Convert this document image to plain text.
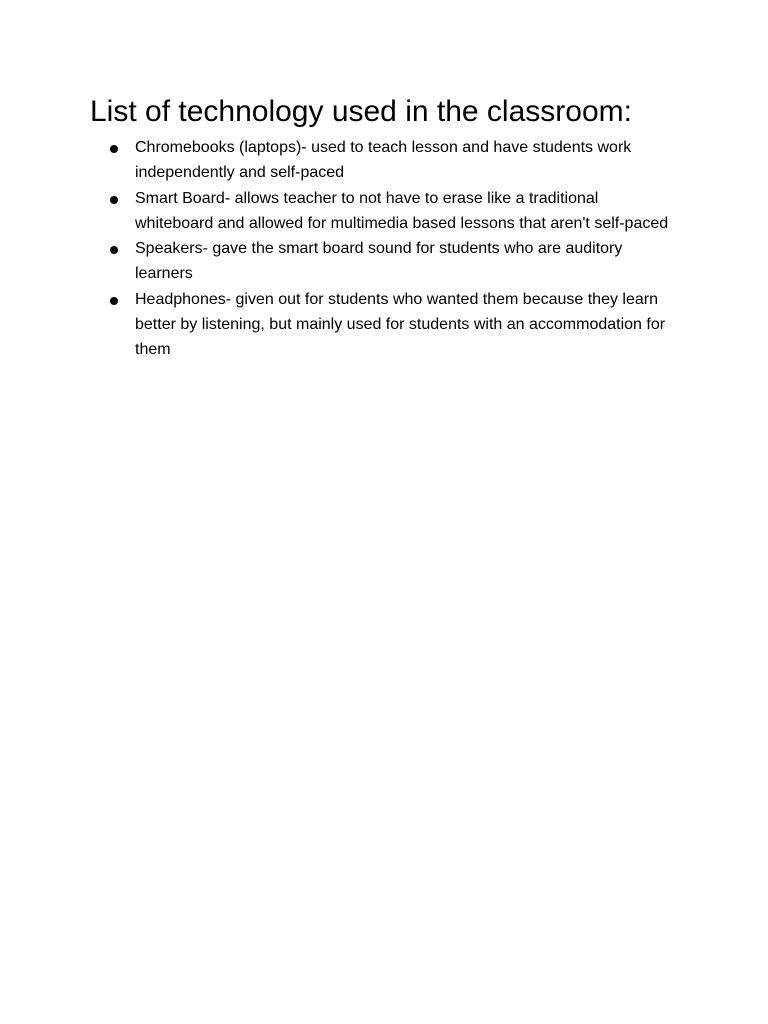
List of technology used in the classroom:
Chromebooks (laptops)- used to teach lesson and have students work independently and self-paced
Smart Board- allows teacher to not have to erase like a traditional whiteboard and allowed for multimedia based lessons that aren't self-paced
Speakers- gave the smart board sound for students who are auditory learners
Headphones- given out for students who wanted them because they learn better by listening, but mainly used for students with an accommodation for them
